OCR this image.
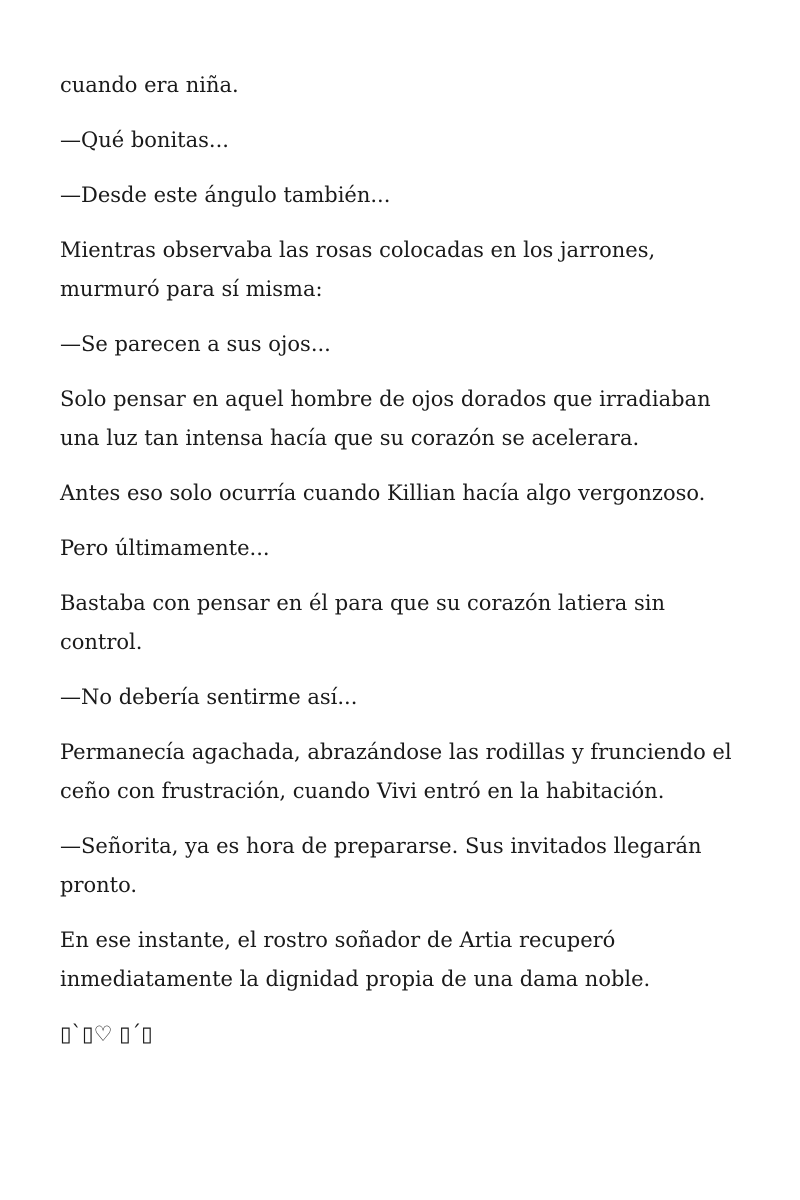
cuando era niña.

—Qué bonitas...

—Desde este ángulo también...

Mientras observaba las rosas colocadas en los jarrones, murmuró para sí misma:

—Se parecen a sus ojos...

Solo pensar en aquel hombre de ojos dorados que irradiaban una luz tan intensa hacía que su corazón se acelerara.

Antes eso solo ocurría cuando Killian hacía algo vergonzoso.

Pero últimamente...

Bastaba con pensar en él para que su corazón latiera sin control.

—No debería sentirme así...

Permanecía agachada, abrazándose las rodillas y frunciendo el ceño con frustración, cuando Vivi entró en la habitación.

—Señorita, ya es hora de prepararse. Sus invitados llegarán pronto.

En ese instante, el rostro soñador de Artia recuperó inmediatamente la dignidad propia de una dama noble.

▯`▯♡ ▯´▯
